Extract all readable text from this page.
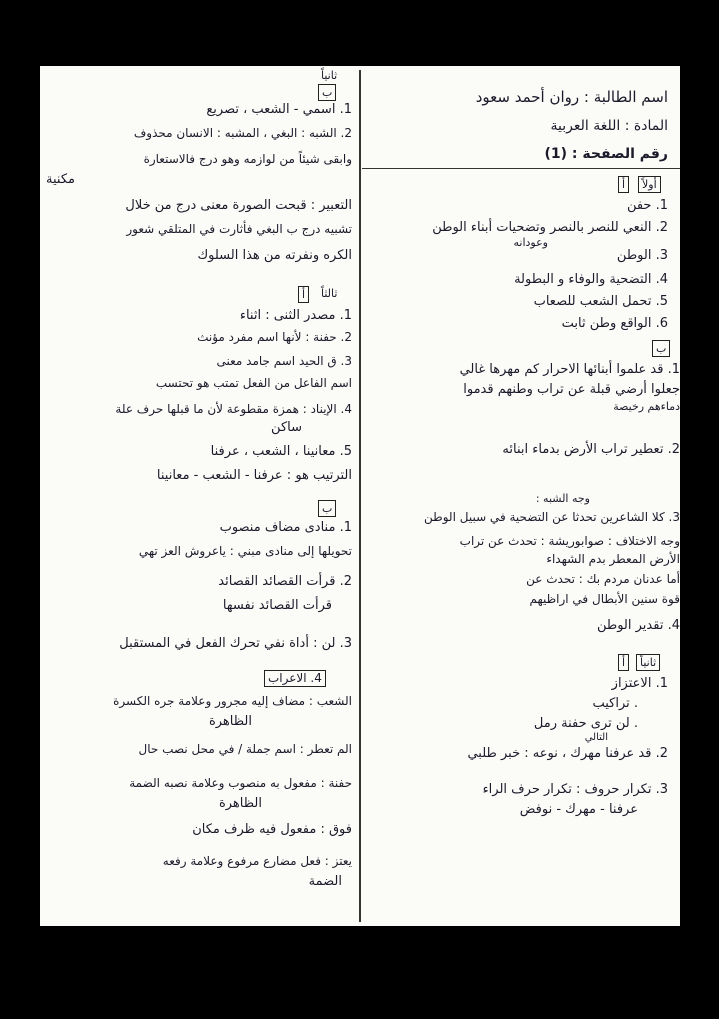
اسم الطالبة : روان أحمد سعود
المادة : اللغة العربية
رقم الصفحة : (1)
أولاً
أ
1. حفن
2. النعي للنصر بالنصر وتضحيات أبناء الوطن
وعودانه
3. الوطن
4. التضحية والوفاء و البطولة
5. تحمل الشعب للصعاب
6. الواقع وطن ثابت
ب
1. قد علموا أبنائها الاحرار كم مهرها غالي
جعلوا أرضي قبلة عن تراب وطنهم قدموا
دماءهم رخيصة
2. تعطير تراب الأرض بدماء ابنائه
وجه الشبه :
3. كلا الشاعرين تحدثا عن التضحية في سبيل الوطن
وجه الاختلاف : صوابوريشة : تحدث عن تراب
الأرض المعطر بدم الشهداء
أما عدنان مردم بك : تحدث عن
قوة سنين الأبطال في اراظيهم
4. تقدير الوطن
ثانياً
أ
1. الاعتزاز
. تراكيب
. لن ترى حفنة رمل
التالي
2. قد عرفنا مهرك ، نوعه : خبر طلبي
3. تكرار حروف : تكرار حرف الراء
عرفنا - مهرك - نوفض
ثانياً
ب
1. اسمي - الشعب ، تصريع
2. الشبه : البغي ، المشبه : الانسان محذوف
وابقى شيئاً من لوازمه وهو درج فالاستعارة
مكنية
التعبير : قبحت الصورة معنى درج من خلال
تشبيه درج ب البغي فأثارت في المتلقي شعور
الكره ونفرته من هذا السلوك
ثالثاً
أ
1. مصدر الثنى : اثناء
2. حفنة : لأنها اسم مفرد مؤنث
3. ق الحيد اسم جامد معنى
اسم الفاعل من الفعل تمتب هو تحتسب
4. الإيناد : همزة مقطوعة لأن ما قبلها حرف علة
ساكن
5. معانينا ، الشعب ، عرفنا
الترتيب هو : عرفنا - الشعب - معانينا
ب
1. منادى مضاف منصوب
تحويلها إلى منادى مبني : ياعروش العز تهي
2. قرأت القصائد القصائد
قرأت القصائد نفسها
3. لن : أداة نفي تحرك الفعل في المستقبل
4. الاعراب
الشعب : مضاف إليه مجرور وعلامة جره الكسرة
الظاهرة
الم تعطر : اسم جملة / في محل نصب حال
حفنة : مفعول به منصوب وعلامة نصبه الضمة
الظاهرة
فوق : مفعول فيه ظرف مكان
يعتز : فعل مضارع مرفوع وعلامة رفعه
الضمة
